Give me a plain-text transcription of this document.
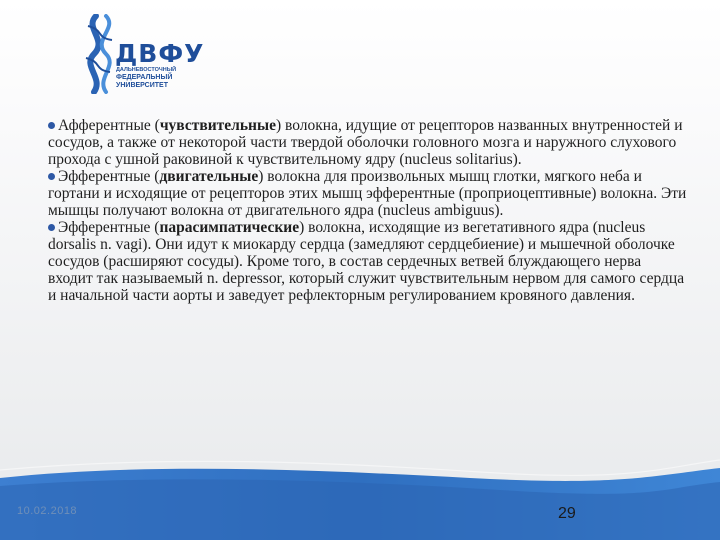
ДВФУ
ДАЛЬНЕВОСТОЧНЫЙ
ФЕДЕРАЛЬНЫЙ
УНИВЕРСИТЕТ

Афферентные (чувствительные) волокна, идущие от рецепторов названных внутренностей и сосудов, а также от некоторой части твердой оболочки головного мозга и наружного слухового прохода с ушной раковиной к чувствительному ядру (nucleus solitarius).

Эфферентные (двигательные) волокна для произвольных мышц глотки, мягкого неба и гортани и исходящие от рецепторов этих мышц эфферентные (проприоцептивные) волокна. Эти мышцы получают волокна от двигательного ядра (nucleus ambiguus).

Эфферентные (парасимпатические) волокна, исходящие из вегетативного ядра (nucleus dorsalis n. vagi). Они идут к миокарду сердца (замедляют сердцебиение) и мышечной оболочке сосудов (расширяют сосуды). Кроме того, в состав сердечных ветвей блуждающего нерва входит так называемый n. depressor, который служит чувствительным нервом для самого сердца и начальной части аорты и заведует рефлекторным регулированием кровяного давления.

10.02.2018	29
